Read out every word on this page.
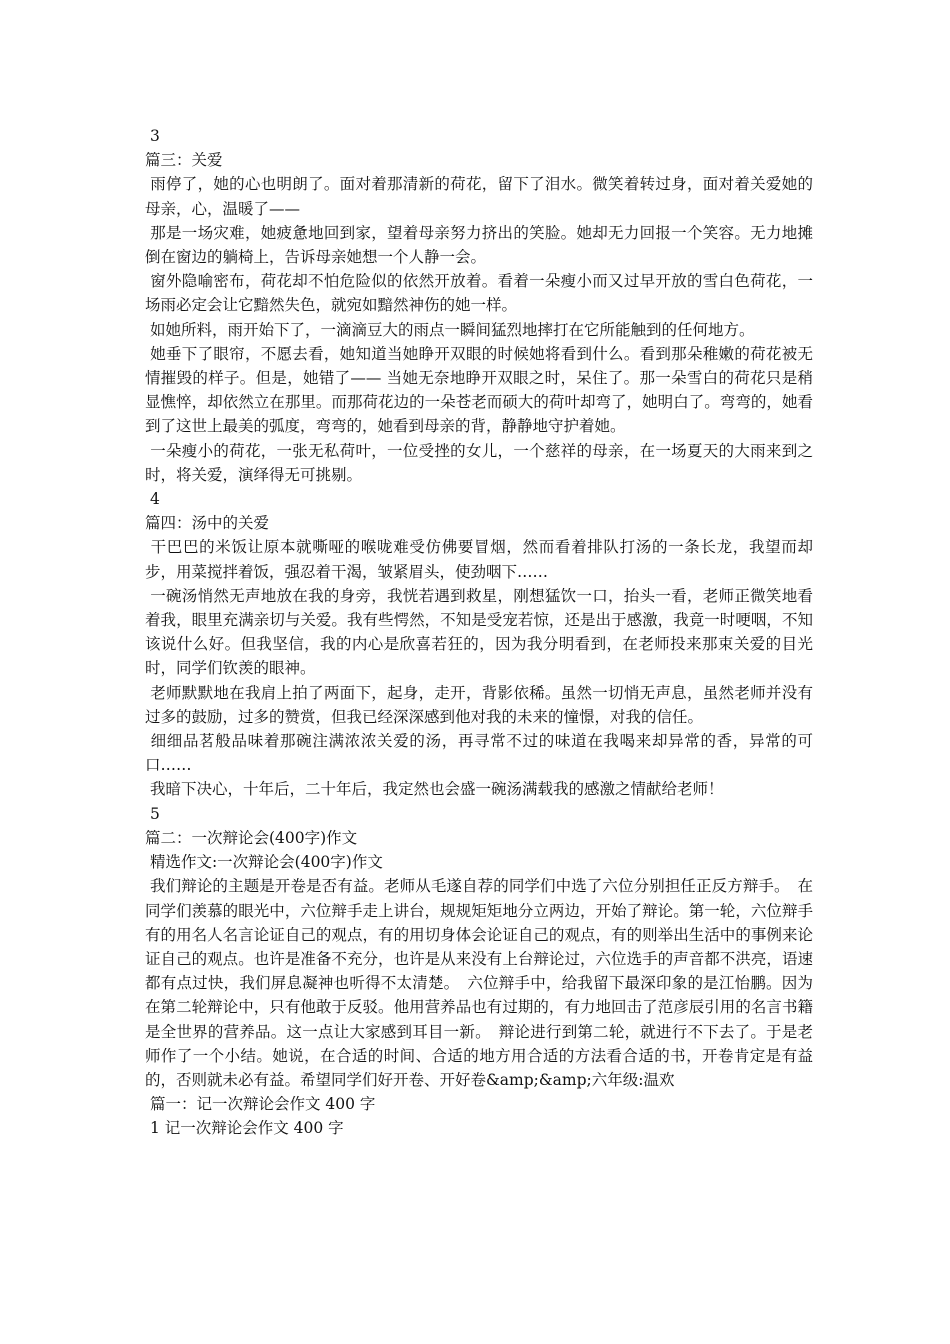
3

篇三：关爱

雨停了，她的心也明朗了。面对着那清新的荷花，留下了泪水。微笑着转过身，面对着关爱她的母亲，心，温暖了——

那是一场灾难，她疲惫地回到家，望着母亲努力挤出的笑脸。她却无力回报一个笑容。无力地摊倒在窗边的躺椅上，告诉母亲她想一个人静一会。

窗外隐喻密布，荷花却不怕危险似的依然开放着。看着一朵瘦小而又过早开放的雪白色荷花，一场雨必定会让它黯然失色，就宛如黯然神伤的她一样。

如她所料，雨开始下了，一滴滴豆大的雨点一瞬间猛烈地摔打在它所能触到的任何地方。

她垂下了眼帘，不愿去看，她知道当她睁开双眼的时候她将看到什么。看到那朵稚嫩的荷花被无情摧毁的样子。但是，她错了—— 当她无奈地睁开双眼之时，呆住了。那一朵雪白的荷花只是稍显憔悴，却依然立在那里。而那荷花边的一朵苍老而硕大的荷叶却弯了，她明白了。弯弯的，她看到了这世上最美的弧度，弯弯的，她看到母亲的背，静静地守护着她。

一朵瘦小的荷花，一张无私荷叶，一位受挫的女儿，一个慈祥的母亲，在一场夏天的大雨来到之时，将关爱，演绎得无可挑剔。

4

篇四：汤中的关爱

干巴巴的米饭让原本就嘶哑的喉咙难受仿佛要冒烟，然而看着排队打汤的一条长龙，我望而却步，用菜搅拌着饭，强忍着干渴，皱紧眉头，使劲咽下……

一碗汤悄然无声地放在我的身旁，我恍若遇到救星，刚想猛饮一口，抬头一看，老师正微笑地看着我，眼里充满亲切与关爱。我有些愕然，不知是受宠若惊，还是出于感激，我竟一时哽咽，不知该说什么好。但我坚信，我的内心是欣喜若狂的，因为我分明看到，在老师投来那束关爱的目光时，同学们钦羡的眼神。

老师默默地在我肩上拍了两面下，起身，走开，背影依稀。虽然一切悄无声息，虽然老师并没有过多的鼓励，过多的赞赏，但我已经深深感到他对我的未来的憧憬，对我的信任。

细细品茗般品味着那碗注满浓浓关爱的汤，再寻常不过的味道在我喝来却异常的香，异常的可口……

我暗下决心，十年后，二十年后，我定然也会盛一碗汤满载我的感激之情献给老师！

5

篇二：一次辩论会(400字)作文

精选作文:一次辩论会(400字)作文

我们辩论的主题是开卷是否有益。老师从毛遂自荐的同学们中选了六位分别担任正反方辩手。　在同学们羡慕的眼光中，六位辩手走上讲台，规规矩矩地分立两边，开始了辩论。第一轮，六位辩手有的用名人名言论证自己的观点，有的用切身体会论证自己的观点，有的则举出生活中的事例来论证自己的观点。也许是准备不充分，也许是从来没有上台辩论过，六位选手的声音都不洪亮，语速都有点过快，我们屏息凝神也听得不太清楚。　六位辩手中，给我留下最深印象的是江怡鹏。因为在第二轮辩论中，只有他敢于反驳。他用营养品也有过期的，有力地回击了范彦辰引用的名言书籍是全世界的营养品。这一点让大家感到耳目一新。　辩论进行到第二轮，就进行不下去了。于是老师作了一个小结。她说，在合适的时间、合适的地方用合适的方法看合适的书，开卷肯定是有益的，否则就未必有益。希望同学们好开卷、开好卷&amp;&amp;六年级:温欢

篇一：记一次辩论会作文 400 字

1 记一次辩论会作文 400 字
